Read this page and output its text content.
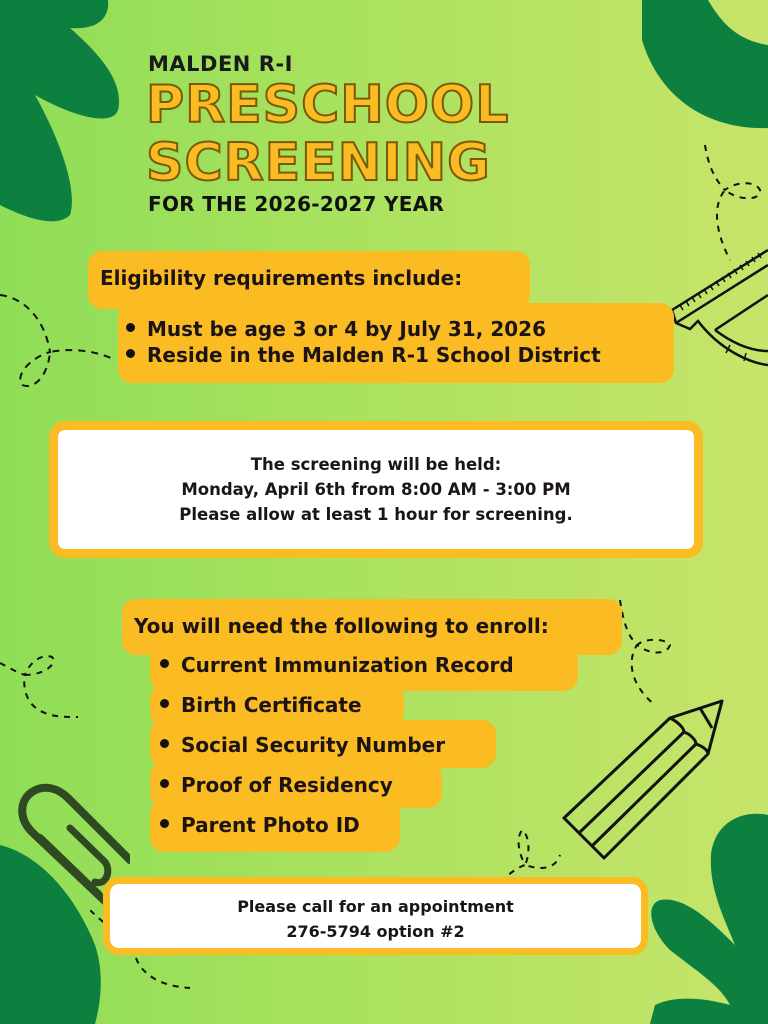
MALDEN R-I
PRESCHOOL
SCREENING
FOR THE 2026-2027 YEAR
Eligibility requirements include:
Must be age 3 or 4 by July 31, 2026
Reside in the Malden R-1 School District
The screening will be held:
Monday, April 6th from 8:00 AM - 3:00 PM
Please allow at least 1 hour for screening.
You will need the following to enroll:
Current Immunization Record
Birth Certificate
Social Security Number
Proof of Residency
Parent Photo ID
Please call for an appointment
276-5794 option #2
